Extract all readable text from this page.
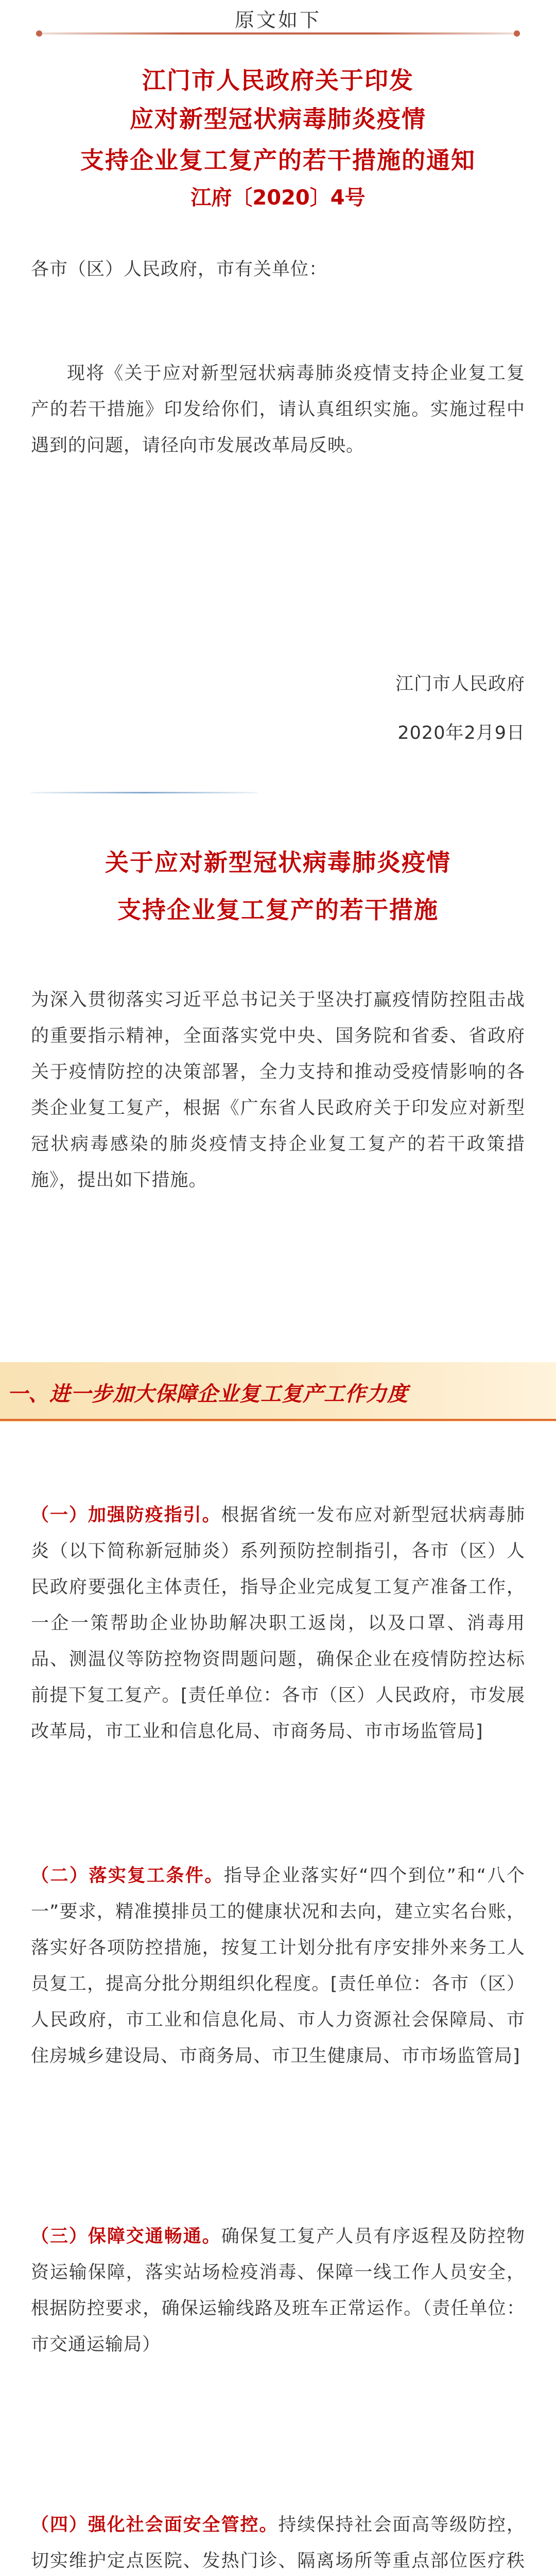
原文如下
江门市人民政府关于印发
应对新型冠状病毒肺炎疫情
支持企业复工复产的若干措施的通知
江府〔2020〕4号
各市（区）人民政府，市有关单位：
现将《关于应对新型冠状病毒肺炎疫情支持企业复工复产的若干措施》印发给你们，请认真组织实施。实施过程中遇到的问题，请径向市发展改革局反映。
江门市人民政府
2020年2月9日
关于应对新型冠状病毒肺炎疫情
支持企业复工复产的若干措施
为深入贯彻落实习近平总书记关于坚决打赢疫情防控阻击战的重要指示精神，全面落实党中央、国务院和省委、省政府关于疫情防控的决策部署，全力支持和推动受疫情影响的各类企业复工复产，根据《广东省人民政府关于印发应对新型冠状病毒感染的肺炎疫情支持企业复工复产的若干政策措施》，提出如下措施。
一、进一步加大保障企业复工复产工作力度
（一）加强防疫指引。根据省统一发布应对新型冠状病毒肺炎（以下简称新冠肺炎）系列预防控制指引，各市（区）人民政府要强化主体责任，指导企业完成复工复产准备工作，一企一策帮助企业协助解决职工返岗，以及口罩、消毒用品、测温仪等防控物资問题问题，确保企业在疫情防控达标前提下复工复产。[责任单位：各市（区）人民政府，市发展改革局，市工业和信息化局、市商务局、市市场监管局]
（二）落实复工条件。指导企业落实好“四个到位”和“八个一”要求，精准摸排员工的健康状况和去向，建立实名台账，落实好各项防控措施，按复工计划分批有序安排外来务工人员复工，提高分批分期组织化程度。[责任单位：各市（区）人民政府，市工业和信息化局、市人力资源社会保障局、市住房城乡建设局、市商务局、市卫生健康局、市市场监管局]
（三）保障交通畅通。确保复工复产人员有序返程及防控物资运输保障，落实站场检疫消毒、保障一线工作人员安全，根据防控要求，确保运输线路及班车正常运作。（责任单位：市交通运输局）
（四）强化社会面安全管控。持续保持社会面高等级防控，切实维护定点医院、发热门诊、隔离场所等重点部位医疗秩
